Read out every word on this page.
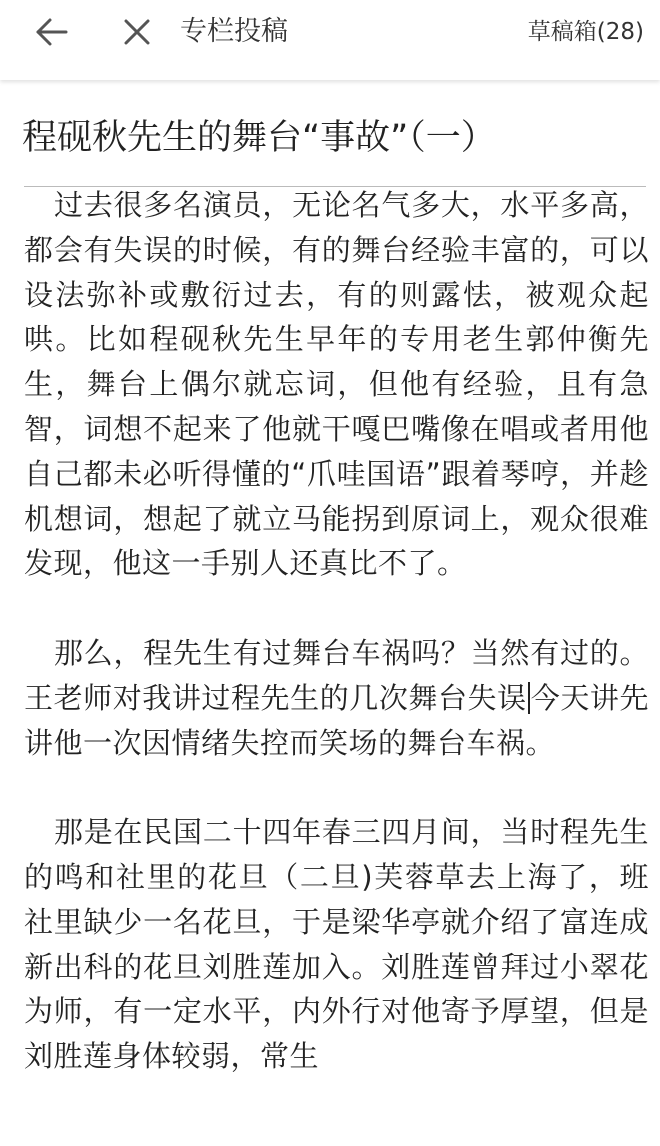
专栏投稿	草稿箱(28)
程砚秋先生的舞台“事故”（一）

过去很多名演员，无论名气多大，水平多高，都会有失误的时候，有的舞台经验丰富的，可以设法弥补或敷衍过去，有的则露怯，被观众起哄。比如程砚秋先生早年的专用老生郭仲衡先生，舞台上偶尔就忘词，但他有经验，且有急智，词想不起来了他就干嘎巴嘴像在唱或者用他自己都未必听得懂的“爪哇国语”跟着琴哼，并趁机想词，想起了就立马能拐到原词上，观众很难发现，他这一手别人还真比不了。

那么，程先生有过舞台车祸吗？当然有过的。王老师对我讲过程先生的几次舞台失误 今天讲先讲他一次因情绪失控而笑场的舞台车祸。

那是在民国二十四年春三四月间，当时程先生的鸣和社里的花旦（二旦)芙蓉草去上海了，班社里缺少一名花旦，于是梁华亭就介绍了富连成新出科的花旦刘胜莲加入。刘胜莲曾拜过小翠花为师，有一定水平，内外行对他寄予厚望，但是刘胜莲身体较弱，常生
